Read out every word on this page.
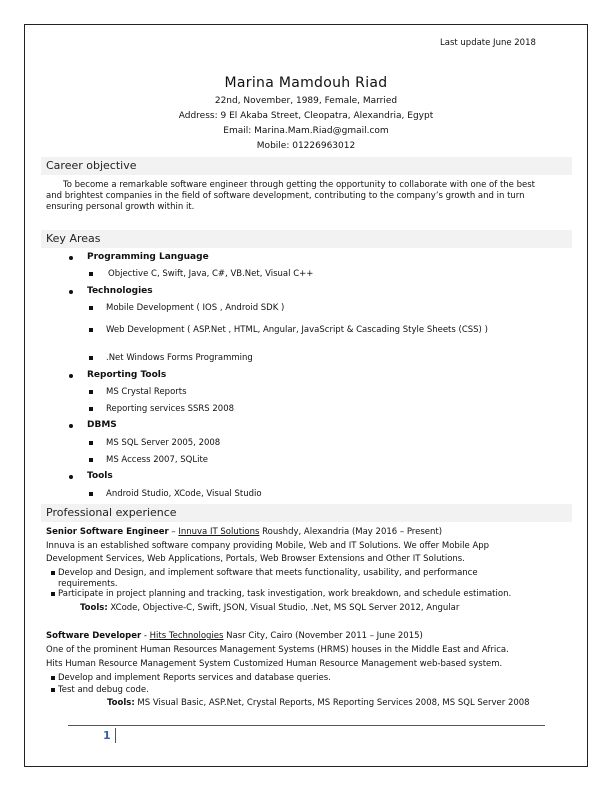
Last update June 2018
Marina Mamdouh Riad
22nd, November, 1989, Female, Married
Address: 9 El Akaba Street, Cleopatra, Alexandria, Egypt
Email: Marina.Mam.Riad@gmail.com
Mobile: 01226963012
Career objective
To become a remarkable software engineer through getting the opportunity to collaborate with one of the best
and brightest companies in the field of software development, contributing to the company’s growth and in turn
ensuring personal growth within it.
Key Areas
Programming Language
Objective C, Swift, Java, C#, VB.Net, Visual C++
Technologies
Mobile Development ( IOS , Android SDK )
Web Development ( ASP.Net , HTML, Angular, JavaScript & Cascading Style Sheets (CSS) )
.Net Windows Forms Programming
Reporting Tools
MS Crystal Reports
Reporting services SSRS 2008
DBMS
MS SQL Server 2005, 2008
MS Access 2007, SQLite
Tools
Android Studio, XCode, Visual Studio
Professional experience
Senior Software Engineer – Innuva IT Solutions Roushdy, Alexandria (May 2016 – Present)
Innuva is an established software company providing Mobile, Web and IT Solutions. We offer Mobile App
Development Services, Web Applications, Portals, Web Browser Extensions and Other IT Solutions.
Develop and Design, and implement software that meets functionality, usability, and performance
requirements.
Participate in project planning and tracking, task investigation, work breakdown, and schedule estimation.
Tools: XCode, Objective-C, Swift, JSON, Visual Studio, .Net, MS SQL Server 2012, Angular
Software Developer - Hits Technologies Nasr City, Cairo (November 2011 – June 2015)
One of the prominent Human Resources Management Systems (HRMS) houses in the Middle East and Africa.
Hits Human Resource Management System Customized Human Resource Management web-based system.
Develop and implement Reports services and database queries.
Test and debug code.
Tools: MS Visual Basic, ASP.Net, Crystal Reports, MS Reporting Services 2008, MS SQL Server 2008
1
